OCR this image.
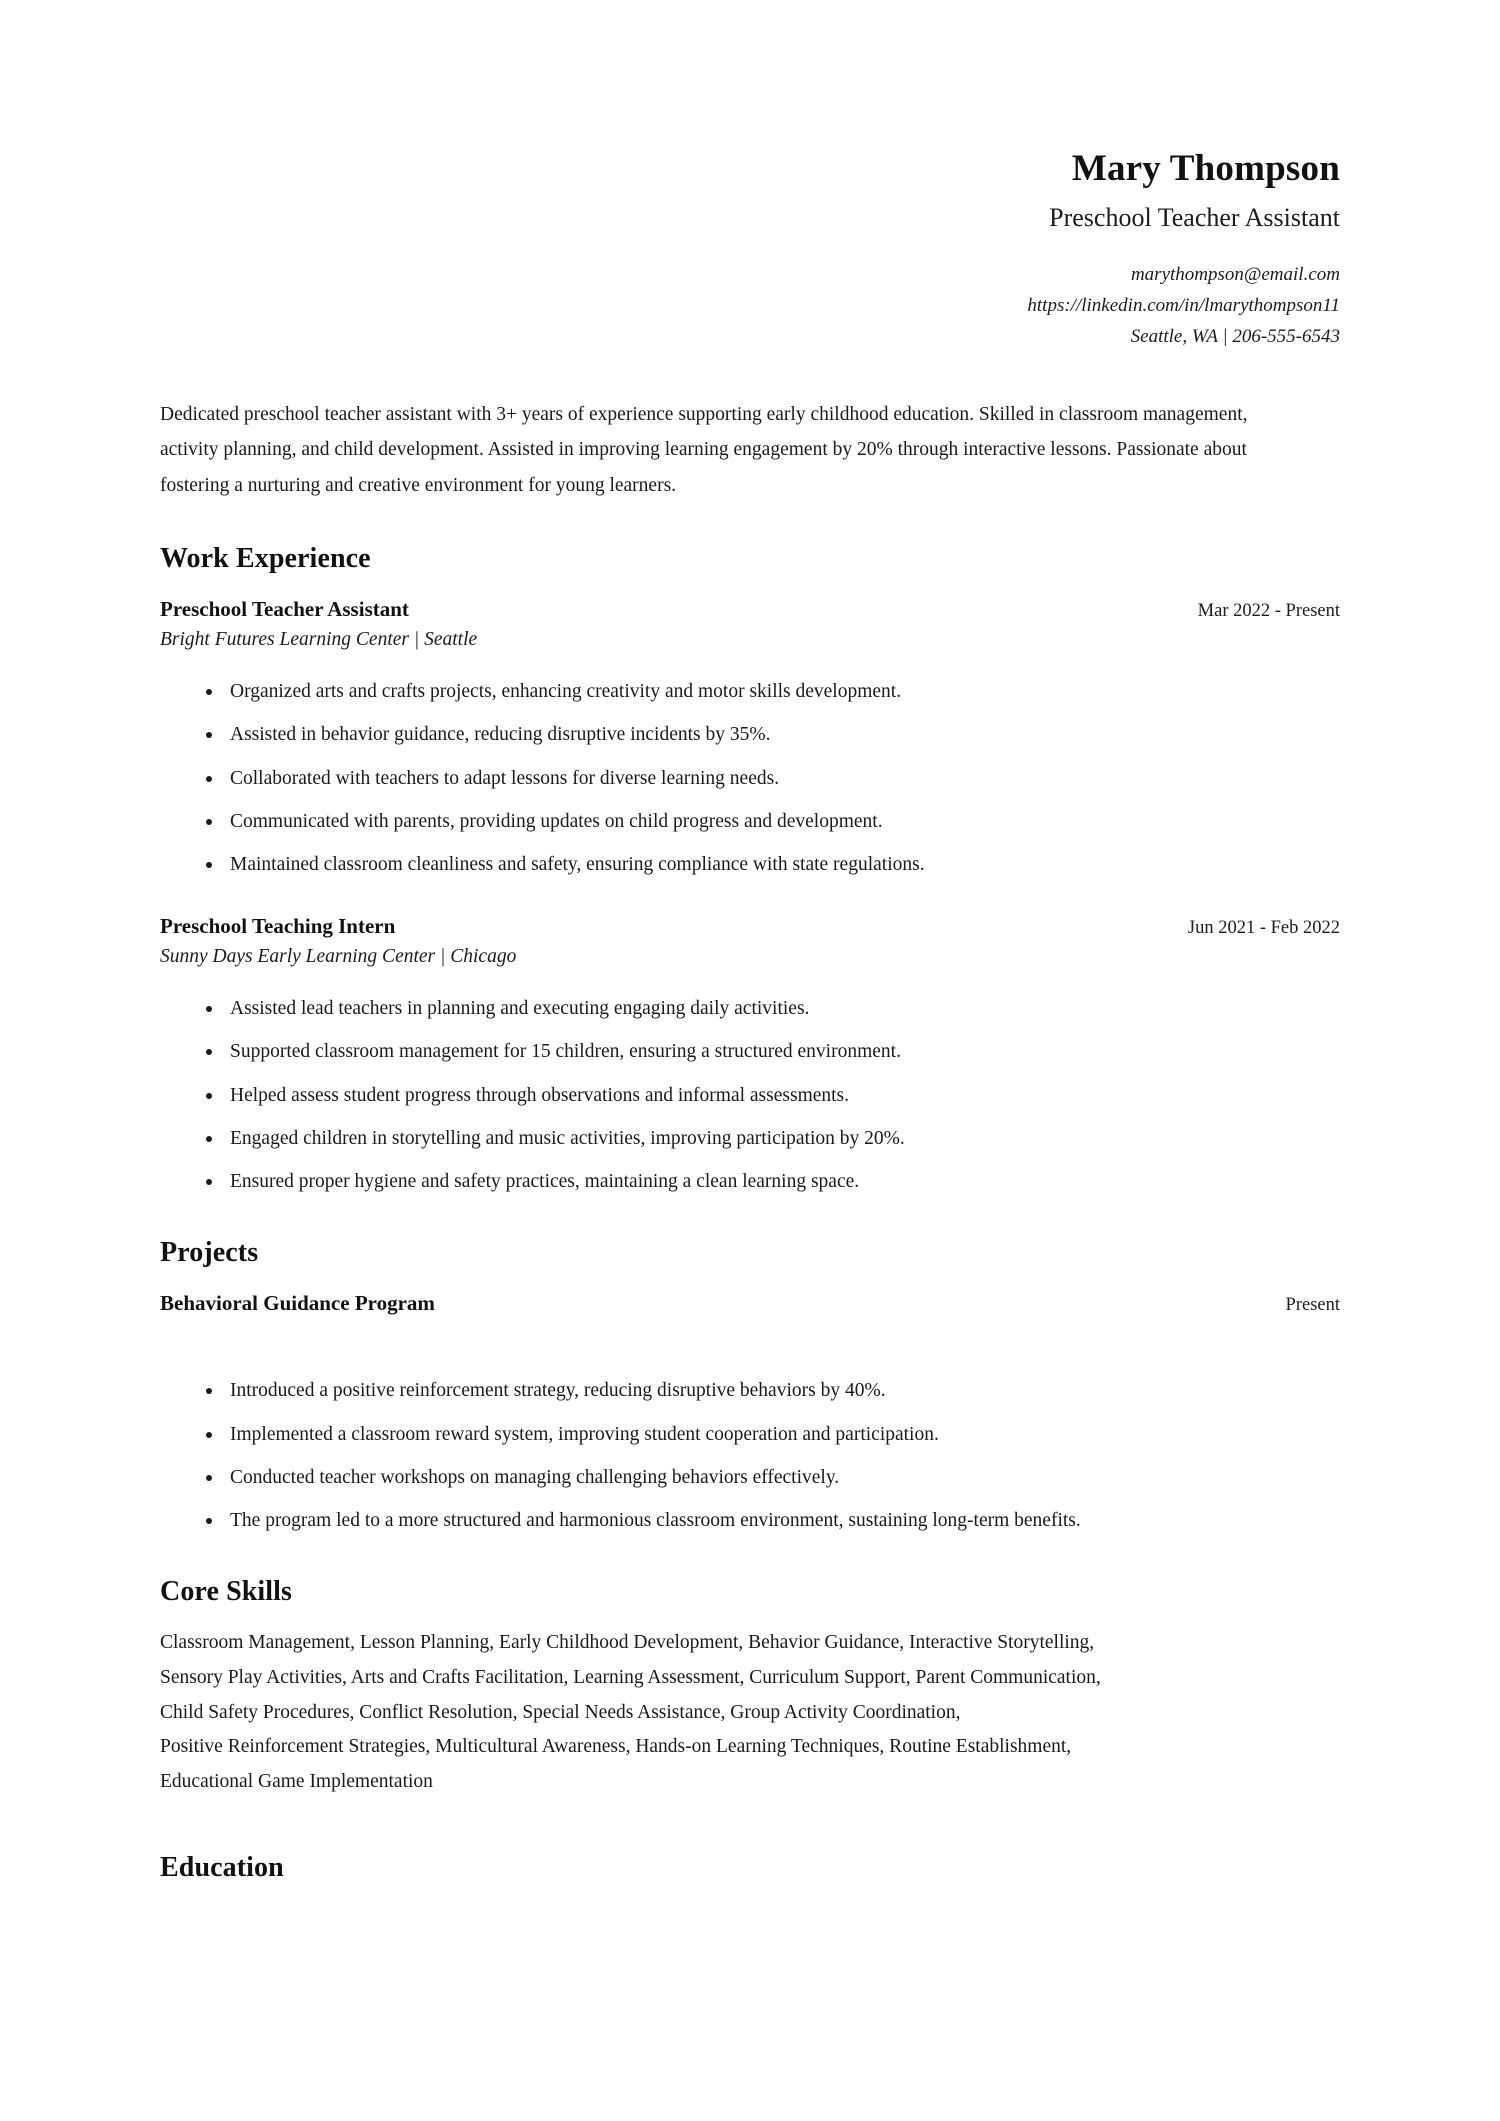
Mary Thompson
Preschool Teacher Assistant
marythompson@email.com
https://linkedin.com/in/lmarythompson11
Seattle, WA | 206-555-6543

Dedicated preschool teacher assistant with 3+ years of experience supporting early childhood education. Skilled in classroom management, activity planning, and child development. Assisted in improving learning engagement by 20% through interactive lessons. Passionate about fostering a nurturing and creative environment for young learners.

Work Experience
Preschool Teacher Assistant	Mar 2022 - Present
Bright Futures Learning Center | Seattle
Organized arts and crafts projects, enhancing creativity and motor skills development.
Assisted in behavior guidance, reducing disruptive incidents by 35%.
Collaborated with teachers to adapt lessons for diverse learning needs.
Communicated with parents, providing updates on child progress and development.
Maintained classroom cleanliness and safety, ensuring compliance with state regulations.
Preschool Teaching Intern	Jun 2021 - Feb 2022
Sunny Days Early Learning Center | Chicago
Assisted lead teachers in planning and executing engaging daily activities.
Supported classroom management for 15 children, ensuring a structured environment.
Helped assess student progress through observations and informal assessments.
Engaged children in storytelling and music activities, improving participation by 20%.
Ensured proper hygiene and safety practices, maintaining a clean learning space.
Projects
Behavioral Guidance Program	Present
Introduced a positive reinforcement strategy, reducing disruptive behaviors by 40%.
Implemented a classroom reward system, improving student cooperation and participation.
Conducted teacher workshops on managing challenging behaviors effectively.
The program led to a more structured and harmonious classroom environment, sustaining long-term benefits.
Core Skills
Classroom Management, Lesson Planning, Early Childhood Development, Behavior Guidance, Interactive Storytelling,
Sensory Play Activities, Arts and Crafts Facilitation, Learning Assessment, Curriculum Support, Parent Communication,
Child Safety Procedures, Conflict Resolution, Special Needs Assistance, Group Activity Coordination,
Positive Reinforcement Strategies, Multicultural Awareness, Hands-on Learning Techniques, Routine Establishment,
Educational Game Implementation
Education
